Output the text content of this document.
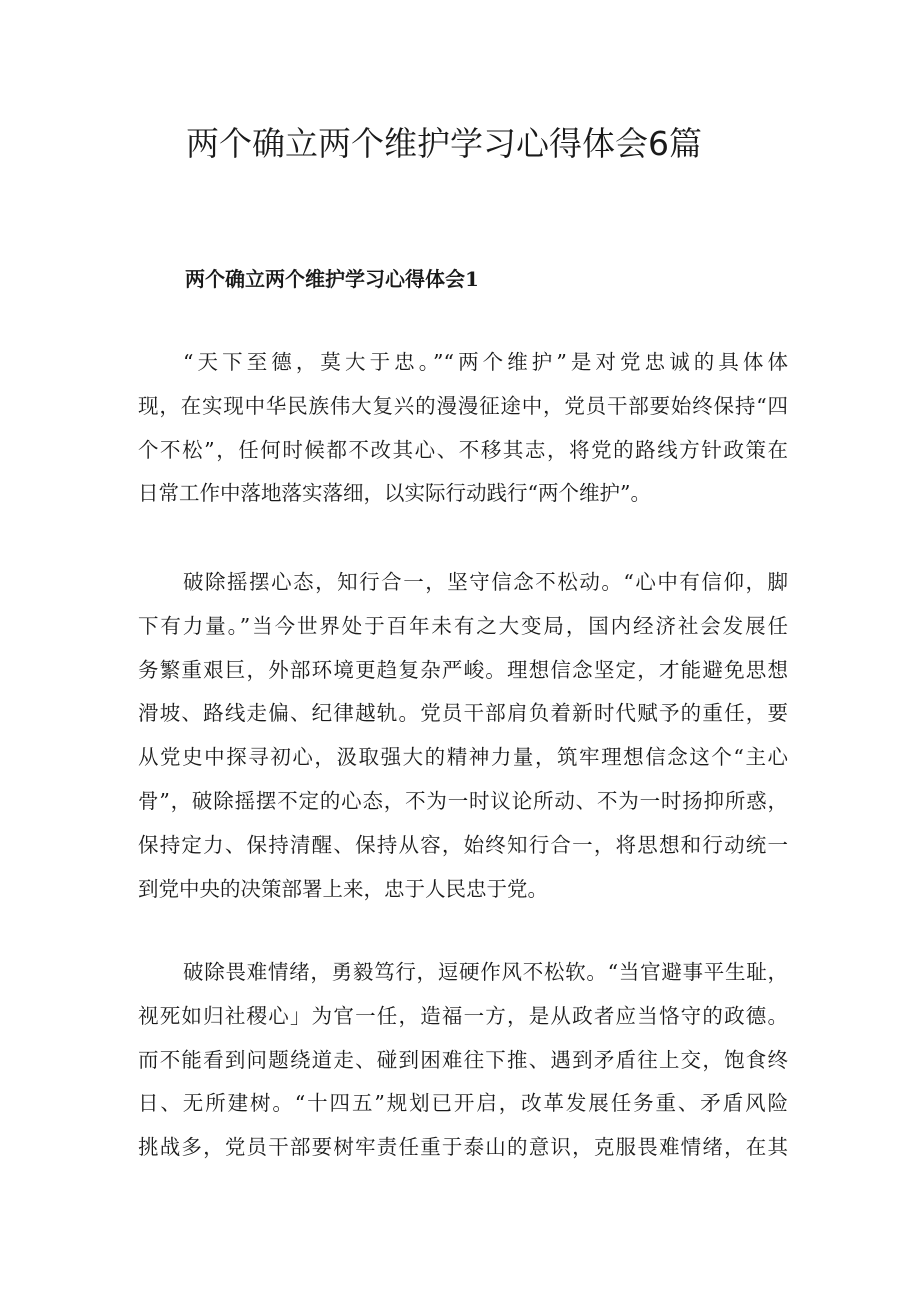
两个确立两个维护学习心得体会6篇
两个确立两个维护学习心得体会1
“天下至德，莫大于忠。”“两个维护”是对党忠诚的具体体
现，在实现中华民族伟大复兴的漫漫征途中，党员干部要始终保持“四
个不松”，任何时候都不改其心、不移其志，将党的路线方针政策在
日常工作中落地落实落细，以实际行动践行“两个维护”。
破除摇摆心态，知行合一，坚守信念不松动。“心中有信仰，脚
下有力量。”当今世界处于百年未有之大变局，国内经济社会发展任
务繁重艰巨，外部环境更趋复杂严峻。理想信念坚定，才能避免思想
滑坡、路线走偏、纪律越轨。党员干部肩负着新时代赋予的重任，要
从党史中探寻初心，汲取强大的精神力量，筑牢理想信念这个“主心
骨”，破除摇摆不定的心态，不为一时议论所动、不为一时扬抑所惑，
保持定力、保持清醒、保持从容，始终知行合一，将思想和行动统一
到党中央的决策部署上来，忠于人民忠于党。
破除畏难情绪，勇毅笃行，逗硬作风不松软。“当官避事平生耻，
视死如归社稷心」为官一任，造福一方，是从政者应当恪守的政德。
而不能看到问题绕道走、碰到困难往下推、遇到矛盾往上交，饱食终
日、无所建树。“十四五”规划已开启，改革发展任务重、矛盾风险
挑战多，党员干部要树牢责任重于泰山的意识，克服畏难情绪，在其
